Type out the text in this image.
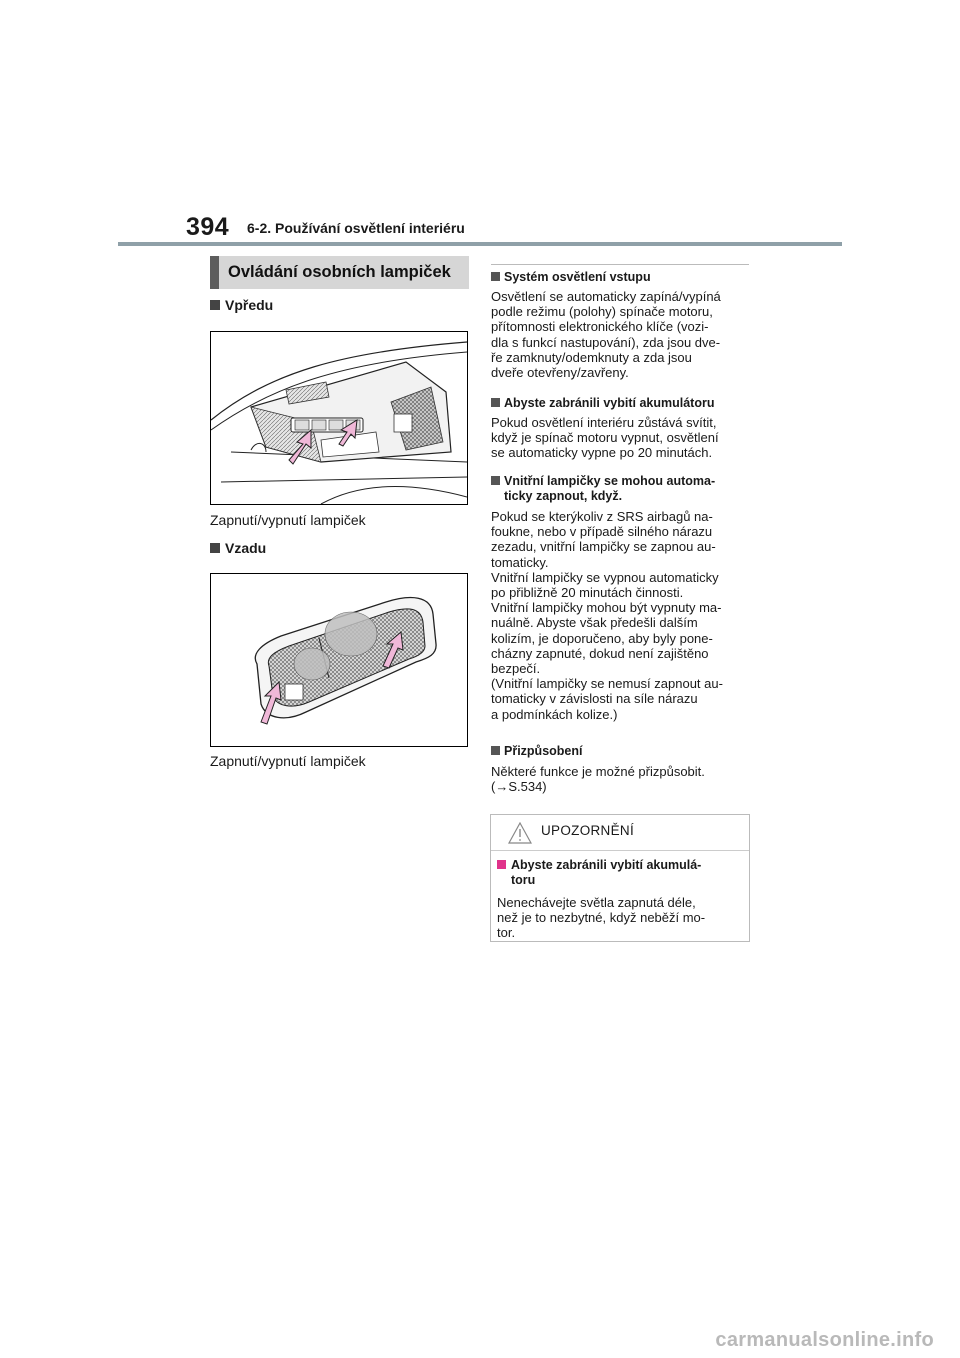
394 6-2. Používání osvětlení interiéru
Ovládání osobních lampiček
Vpředu
Zapnutí/vypnutí lampiček
Vzadu
Zapnutí/vypnutí lampiček
Systém osvětlení vstupu
Osvětlení se automaticky zapíná/vypíná
podle režimu (polohy) spínače motoru,
přítomnosti elektronického klíče (vozi-
dla s funkcí nastupování), zda jsou dve-
ře zamknuty/odemknuty a zda jsou
dveře otevřeny/zavřeny.
Abyste zabránili vybití akumulátoru
Pokud osvětlení interiéru zůstává svítit,
když je spínač motoru vypnut, osvětlení
se automaticky vypne po 20 minutách.
Vnitřní lampičky se mohou automa-
ticky zapnout, když.
Pokud se kterýkoliv z SRS airbagů na-
foukne, nebo v případě silného nárazu
zezadu, vnitřní lampičky se zapnou au-
tomaticky.
Vnitřní lampičky se vypnou automaticky
po přibližně 20 minutách činnosti.
Vnitřní lampičky mohou být vypnuty ma-
nuálně. Abyste však předešli dalším
kolizím, je doporučeno, aby byly pone-
cházny zapnuté, dokud není zajištěno
bezpečí.
(Vnitřní lampičky se nemusí zapnout au-
tomaticky v závislosti na síle nárazu
a podmínkách kolize.)
Přizpůsobení
Některé funkce je možné přizpůsobit.
(→S.534)
UPOZORNĚNÍ
Abyste zabránili vybití akumulá-
toru
Nenechávejte světla zapnutá déle,
než je to nezbytné, když neběží mo-
tor.
carmanualsonline.info
